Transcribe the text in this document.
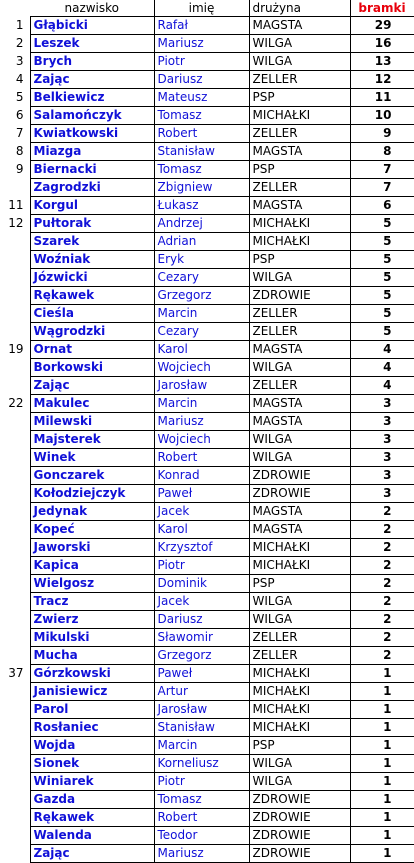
	nazwisko	imię	drużyna	bramki
1	Głąbicki	Rafał	MAGSTA	29
2	Leszek	Mariusz	WILGA	16
3	Brych	Piotr	WILGA	13
4	Zając	Dariusz	ZELLER	12
5	Belkiewicz	Mateusz	PSP	11
6	Salamończyk	Tomasz	MICHAŁKI	10
7	Kwiatkowski	Robert	ZELLER	9
8	Miazga	Stanisław	MAGSTA	8
9	Biernacki	Tomasz	PSP	7
	Zagrodzki	Zbigniew	ZELLER	7
11	Korgul	Łukasz	MAGSTA	6
12	Pułtorak	Andrzej	MICHAŁKI	5
	Szarek	Adrian	MICHAŁKI	5
	Woźniak	Eryk	PSP	5
	Józwicki	Cezary	WILGA	5
	Rękawek	Grzegorz	ZDROWIE	5
	Cieśla	Marcin	ZELLER	5
	Wągrodzki	Cezary	ZELLER	5
19	Ornat	Karol	MAGSTA	4
	Borkowski	Wojciech	WILGA	4
	Zając	Jarosław	ZELLER	4
22	Makulec	Marcin	MAGSTA	3
	Milewski	Mariusz	MAGSTA	3
	Majsterek	Wojciech	WILGA	3
	Winek	Robert	WILGA	3
	Gonczarek	Konrad	ZDROWIE	3
	Kołodziejczyk	Paweł	ZDROWIE	3
	Jedynak	Jacek	MAGSTA	2
	Kopeć	Karol	MAGSTA	2
	Jaworski	Krzysztof	MICHAŁKI	2
	Kapica	Piotr	MICHAŁKI	2
	Wielgosz	Dominik	PSP	2
	Tracz	Jacek	WILGA	2
	Zwierz	Dariusz	WILGA	2
	Mikulski	Sławomir	ZELLER	2
	Mucha	Grzegorz	ZELLER	2
37	Górzkowski	Paweł	MICHAŁKI	1
	Janisiewicz	Artur	MICHAŁKI	1
	Parol	Jarosław	MICHAŁKI	1
	Rosłaniec	Stanisław	MICHAŁKI	1
	Wojda	Marcin	PSP	1
	Sionek	Korneliusz	WILGA	1
	Winiarek	Piotr	WILGA	1
	Gazda	Tomasz	ZDROWIE	1
	Rękawek	Robert	ZDROWIE	1
	Walenda	Teodor	ZDROWIE	1
	Zając	Mariusz	ZDROWIE	1
